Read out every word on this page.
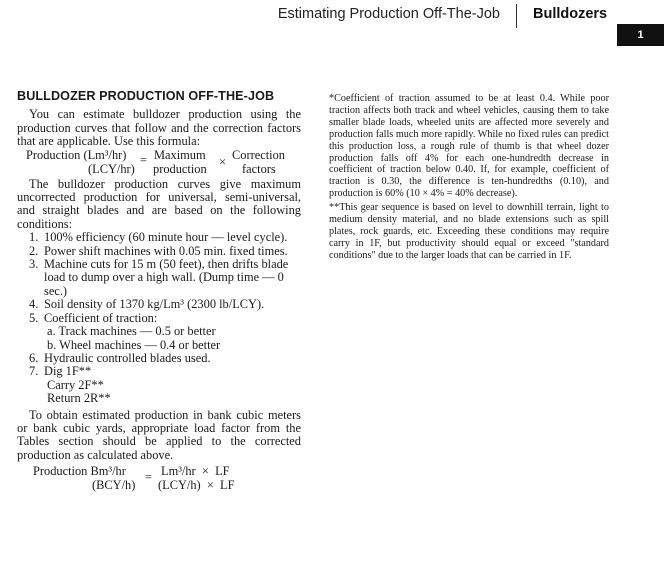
Estimating Production Off-The-Job Bulldozers
1
BULLDOZER PRODUCTION OFF-THE-JOB

You can estimate bulldozer production using the production curves that follow and the correction factors that are applicable. Use this formula:

Production (Lm³/hr)
(LCY/hr)
= Maximum
production × Correction
factors

The bulldozer production curves give maximum uncorrected production for universal, semi-universal, and straight blades and are based on the following conditions:

1. 100% efficiency (60 minute hour — level cycle).
2. Power shift machines with 0.05 min. fixed times.
3. Machine cuts for 15 m (50 feet), then drifts blade load to dump over a high wall. (Dump time — 0 sec.)
4. Soil density of 1370 kg/Lm³ (2300 lb/LCY).
5. Coefficient of traction:
a. Track machines — 0.5 or better
b. Wheel machines — 0.4 or better
6. Hydraulic controlled blades used.
7. Dig 1F**
Carry 2F**
Return 2R**

To obtain estimated production in bank cubic meters or bank cubic yards, appropriate load factor from the Tables section should be applied to the corrected production as calculated above.

Production Bm³/hr
(BCY/h)
= Lm³/hr  ×  LF
(LCY/h)  ×  LF

*Coefficient of traction assumed to be at least 0.4. While poor traction affects both track and wheel vehicles, causing them to take smaller blade loads, wheeled units are affected more severely and production falls much more rapidly. While no fixed rules can predict this production loss, a rough rule of thumb is that wheel dozer production falls off 4% for each one-hundredth decrease in coefficient of traction below 0.40. If, for example, coefficient of traction is 0.30, the difference is ten-hundredths (0.10), and production is 60% (10 × 4% = 40% decrease).

**This gear sequence is based on level to downhill terrain, light to medium density material, and no blade extensions such as spill plates, rock guards, etc. Exceeding these conditions may require carry in 1F, but productivity should equal or exceed "standard conditions" due to the larger loads that can be carried in 1F.
